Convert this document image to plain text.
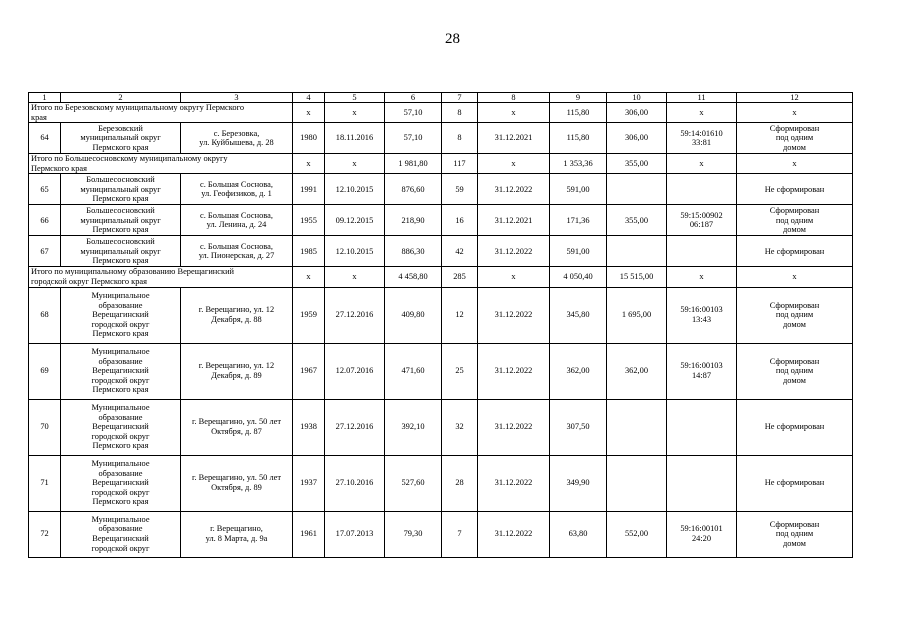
28
1	2	3	4	5	6	7	8	9	10	11	12

Итого по Березовскому муниципальному округу Пермского
края			x	x	57,10	8	x	115,80	306,00	x	x

64	Березовский
муниципальный округ
Пермского края	с. Березовка,
ул. Куйбышева, д. 28	1980	18.11.2016	57,10	8	31.12.2021	115,80	306,00	59:14:01610
33:81	Сформирован
под одним
домом

Итого по Большесосновскому муниципальному округу
Пермского края			x	x	1 981,80	117	x	1 353,36	355,00	x	x

65	Большесосновский
муниципальный округ
Пермского края	с. Большая Соснова,
ул. Геофизиков, д. 1	1991	12.10.2015	876,60	59	31.12.2022	591,00			Не сформирован

66	Большесосновский
муниципальный округ
Пермского края	с. Большая Соснова,
ул. Ленина, д. 24	1955	09.12.2015	218,90	16	31.12.2021	171,36	355,00	59:15:00902
06:187	Сформирован
под одним
домом

67	Большесосновский
муниципальный округ
Пермского края	с. Большая Соснова,
ул. Пионерская, д. 27	1985	12.10.2015	886,30	42	31.12.2022	591,00			Не сформирован

Итого по муниципальному образованию Верещагинский
городской округ Пермского края			x	x	4 458,80	285	x	4 050,40	15 515,00	x	x

68	Муниципальное
образование
Верещагинский
городской округ
Пермского края	г. Верещагино, ул. 12
Декабря, д. 88	1959	27.12.2016	409,80	12	31.12.2022	345,80	1 695,00	59:16:00103
13:43	Сформирован
под одним
домом

69	Муниципальное
образование
Верещагинский
городской округ
Пермского края	г. Верещагино, ул. 12
Декабря, д. 89	1967	12.07.2016	471,60	25	31.12.2022	362,00	362,00	59:16:00103
14:87	Сформирован
под одним
домом

70	Муниципальное
образование
Верещагинский
городской округ
Пермского края	г. Верещагино, ул. 50 лет
Октября, д. 87	1938	27.12.2016	392,10	32	31.12.2022	307,50			Не сформирован

71	Муниципальное
образование
Верещагинский
городской округ
Пермского края	г. Верещагино, ул. 50 лет
Октября, д. 89	1937	27.10.2016	527,60	28	31.12.2022	349,90			Не сформирован

72	Муниципальное
образование
Верещагинский
городской округ	г. Верещагино,
ул. 8 Марта, д. 9а	1961	17.07.2013	79,30	7	31.12.2022	63,80	552,00	59:16:00101
24:20	Сформирован
под одним
домом
